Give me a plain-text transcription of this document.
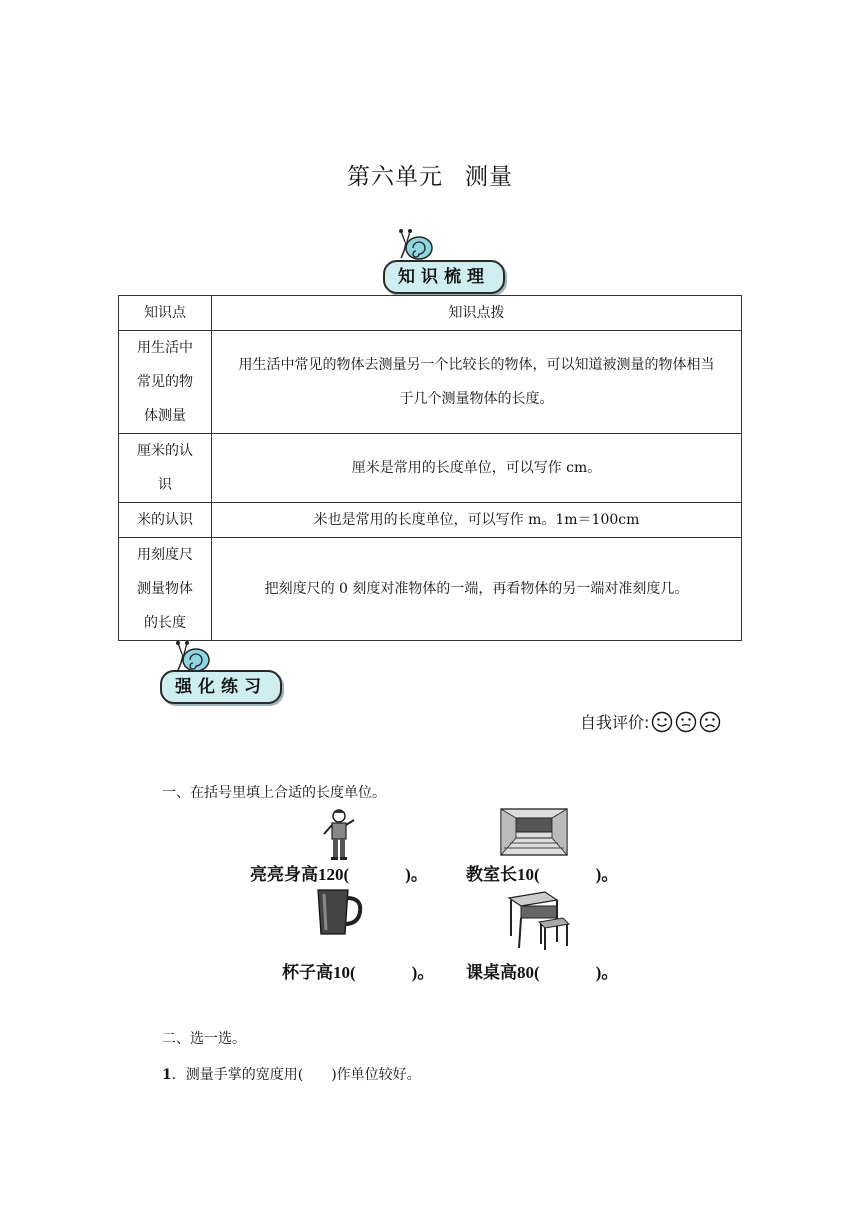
第六单元 测量
知识梳理
知识点	知识点拨
用生活中
常见的物
体测量	用生活中常见的物体去测量另一个比较长的物体，可以知道被测量的物体相当
于几个测量物体的长度。
厘米的认
识	厘米是常用的长度单位，可以写作 cm。
米的认识	米也是常用的长度单位，可以写作 m。1m＝100cm
用刻度尺
测量物体
的长度	把刻度尺的 0 刻度对准物体的一端，再看物体的另一端对准刻度几。
强化练习
自我评价:
一、在括号里填上合适的长度单位。
亮亮身高120(	)。 教室长10(	)。
杯子高10(	)。 课桌高80(	)。
二、选一选。
1．测量手掌的宽度用(　　)作单位较好。
